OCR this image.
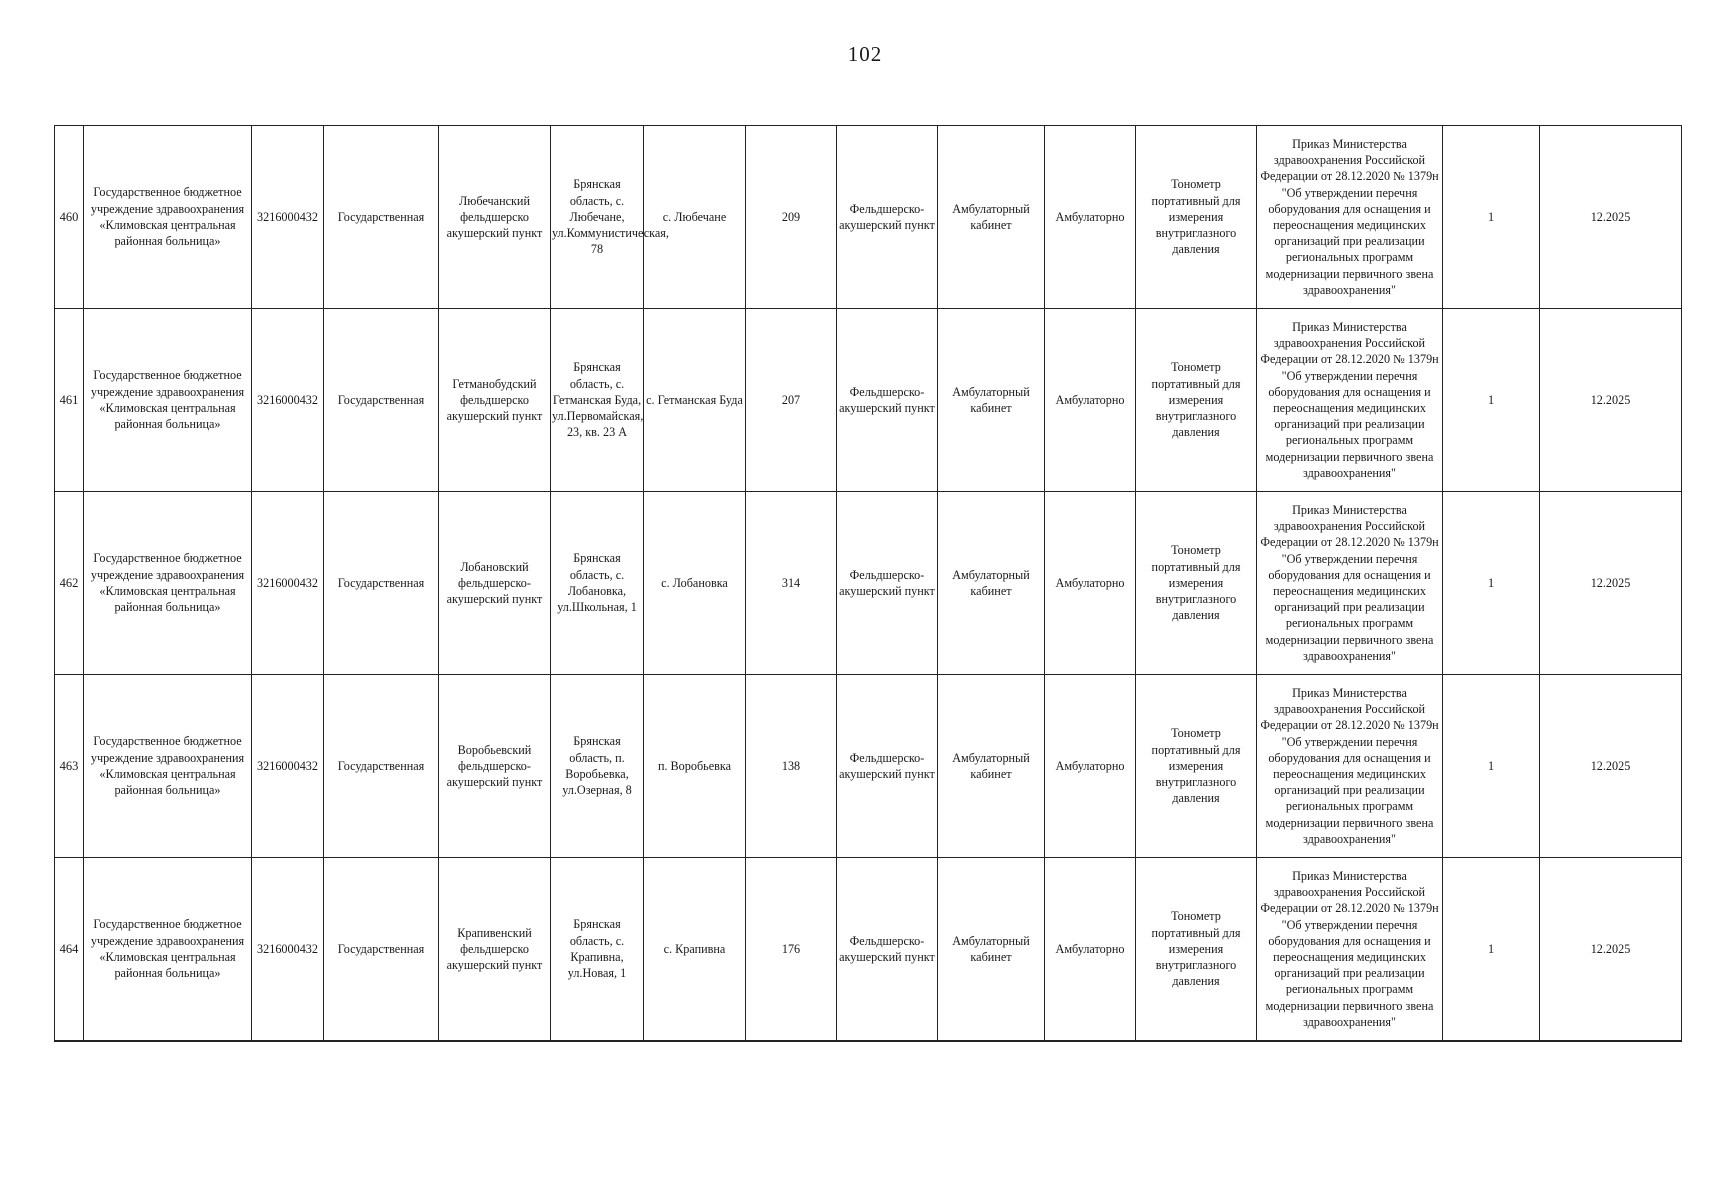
102
460	Государственное бюджетное учреждение здравоохранения «Климовская центральная районная больница»	3216000432	Государственная	Любечанский фельдшерско акушерский пункт	Брянская область, с. Любечане, ул.Коммунистическая, 78	с. Любечане	209	Фельдшерско-акушерский пункт	Амбулаторный кабинет	Амбулаторно	Тонометр портативный для измерения внутриглазного давления	Приказ Министерства здравоохранения Российской Федерации от 28.12.2020 № 1379н "Об утверждении перечня оборудования для оснащения и переоснащения медицинских организаций при реализации региональных программ модернизации первичного звена здравоохранения"	1	12.2025
461	Государственное бюджетное учреждение здравоохранения «Климовская центральная районная больница»	3216000432	Государственная	Гетманобудский фельдшерско акушерский пункт	Брянская область, с. Гетманская Буда, ул.Первомайская, 23, кв. 23 А	с. Гетманская Буда	207	Фельдшерско-акушерский пункт	Амбулаторный кабинет	Амбулаторно	Тонометр портативный для измерения внутриглазного давления	Приказ Министерства здравоохранения Российской Федерации от 28.12.2020 № 1379н "Об утверждении перечня оборудования для оснащения и переоснащения медицинских организаций при реализации региональных программ модернизации первичного звена здравоохранения"	1	12.2025
462	Государственное бюджетное учреждение здравоохранения «Климовская центральная районная больница»	3216000432	Государственная	Лобановский фельдшерско-акушерский пункт	Брянская область, с. Лобановка, ул.Школьная, 1	с. Лобановка	314	Фельдшерско-акушерский пункт	Амбулаторный кабинет	Амбулаторно	Тонометр портативный для измерения внутриглазного давления	Приказ Министерства здравоохранения Российской Федерации от 28.12.2020 № 1379н "Об утверждении перечня оборудования для оснащения и переоснащения медицинских организаций при реализации региональных программ модернизации первичного звена здравоохранения"	1	12.2025
463	Государственное бюджетное учреждение здравоохранения «Климовская центральная районная больница»	3216000432	Государственная	Воробьевский фельдшерско-акушерский пункт	Брянская область, п. Воробьевка, ул.Озерная, 8	п. Воробьевка	138	Фельдшерско-акушерский пункт	Амбулаторный кабинет	Амбулаторно	Тонометр портативный для измерения внутриглазного давления	Приказ Министерства здравоохранения Российской Федерации от 28.12.2020 № 1379н "Об утверждении перечня оборудования для оснащения и переоснащения медицинских организаций при реализации региональных программ модернизации первичного звена здравоохранения"	1	12.2025
464	Государственное бюджетное учреждение здравоохранения «Климовская центральная районная больница»	3216000432	Государственная	Крапивенский фельдшерско акушерский пункт	Брянская область, с. Крапивна, ул.Новая, 1	с. Крапивна	176	Фельдшерско-акушерский пункт	Амбулаторный кабинет	Амбулаторно	Тонометр портативный для измерения внутриглазного давления	Приказ Министерства здравоохранения Российской Федерации от 28.12.2020 № 1379н "Об утверждении перечня оборудования для оснащения и переоснащения медицинских организаций при реализации региональных программ модернизации первичного звена здравоохранения"	1	12.2025
